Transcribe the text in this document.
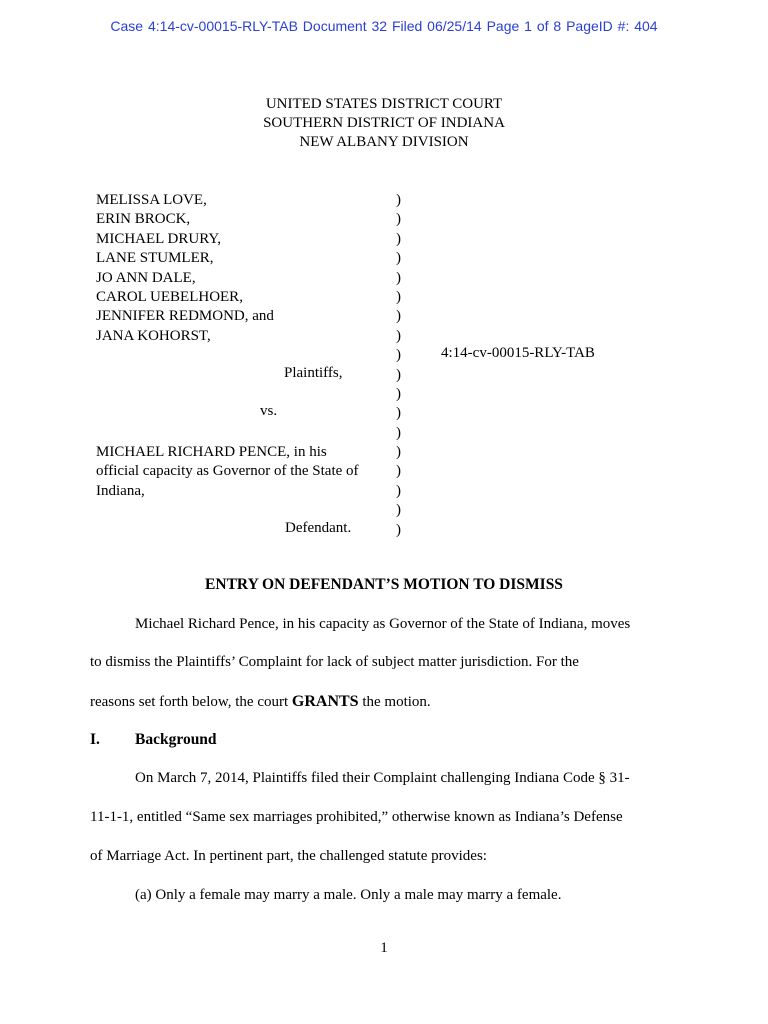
Case 4:14-cv-00015-RLY-TAB Document 32 Filed 06/25/14 Page 1 of 8 PageID #: 404
UNITED STATES DISTRICT COURT
SOUTHERN DISTRICT OF INDIANA
NEW ALBANY DIVISION
MELISSA LOVE,
ERIN BROCK,
MICHAEL DRURY,
LANE STUMLER,
JO ANN DALE,
CAROL UEBELHOER,
JENNIFER REDMOND, and
JANA KOHORST,
MICHAEL RICHARD PENCE, in his
official capacity as Governor of the State of
Indiana,
)
)
)
)
)
)
)
)
)
)
)
)
)
)
)
)
)
)
4:14-cv-00015-RLY-TAB
Plaintiffs,
vs.
Defendant.
ENTRY ON DEFENDANT’S MOTION TO DISMISS
Michael Richard Pence, in his capacity as Governor of the State of Indiana, moves
to dismiss the Plaintiffs’ Complaint for lack of subject matter jurisdiction. For the
reasons set forth below, the court GRANTS the motion.
I. Background
On March 7, 2014, Plaintiffs filed their Complaint challenging Indiana Code § 31-
11-1-1, entitled “Same sex marriages prohibited,” otherwise known as Indiana’s Defense
of Marriage Act. In pertinent part, the challenged statute provides:
(a) Only a female may marry a male. Only a male may marry a female.
1
